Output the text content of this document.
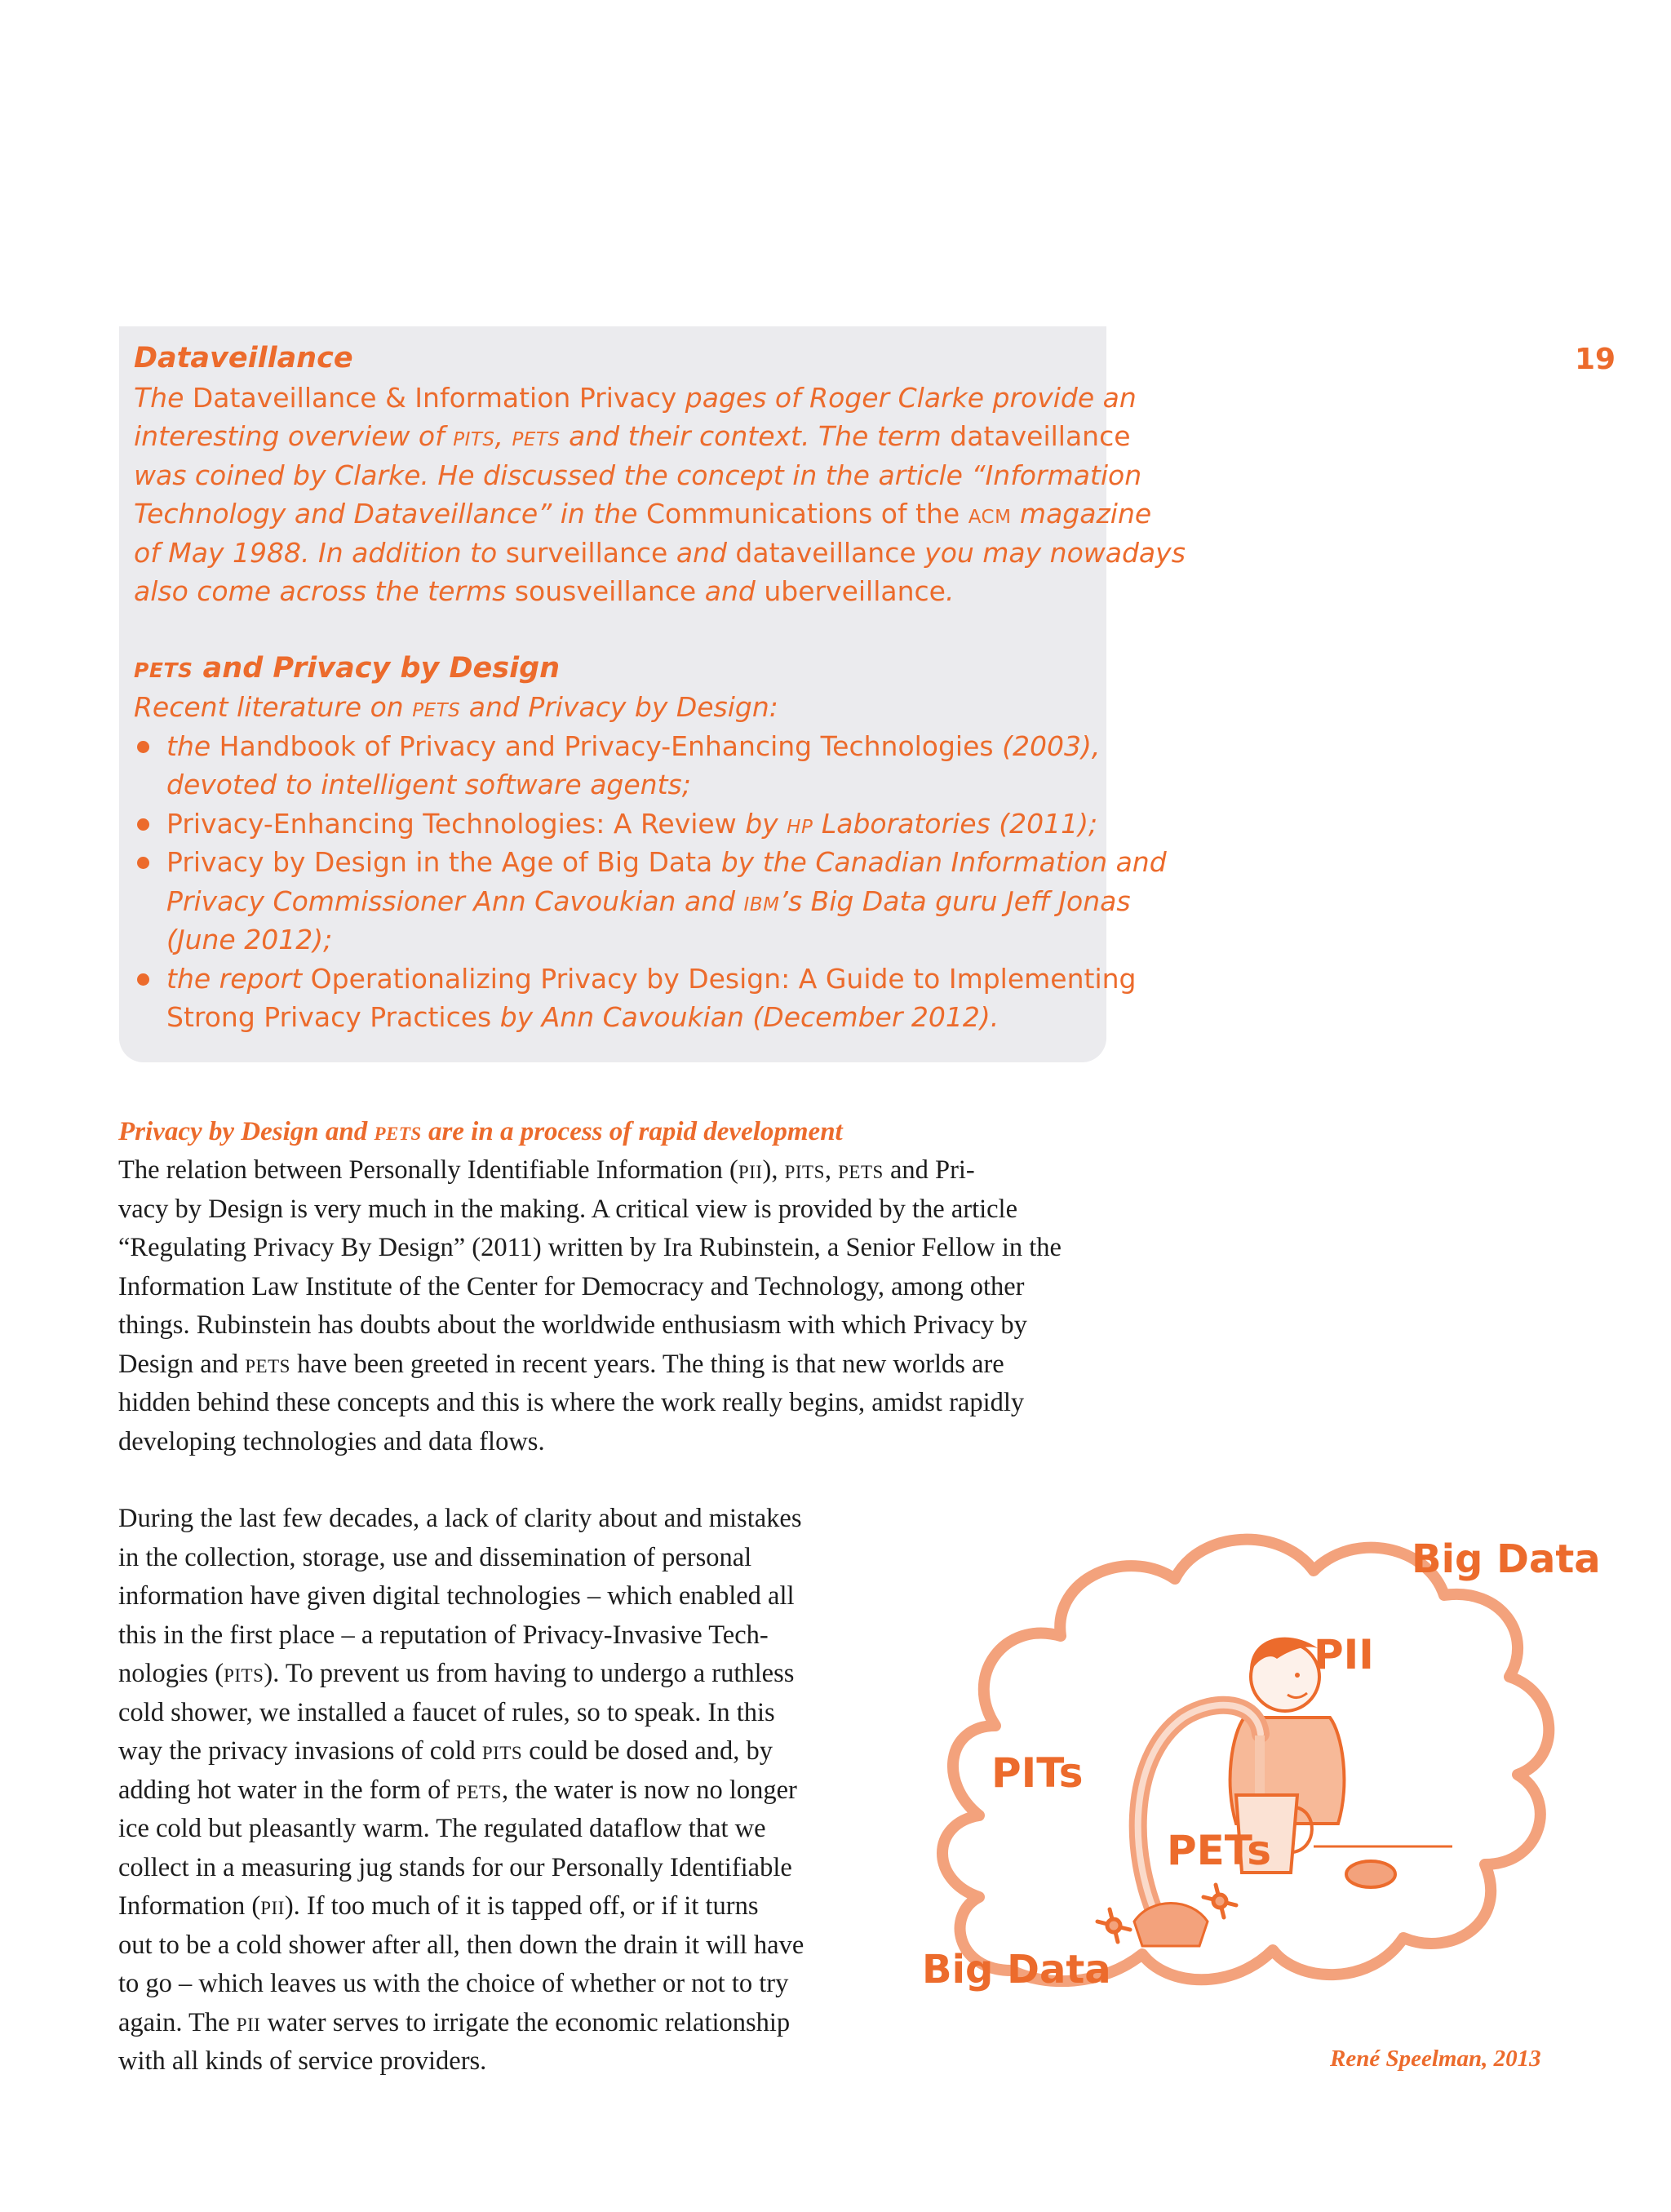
19
Dataveillance
The Dataveillance & Information Privacy pages of Roger Clarke provide an
interesting overview of pits, pets and their context. The term dataveillance
was coined by Clarke. He discussed the concept in the article “Information
Technology and Dataveillance” in the Communications of the acm magazine
of May 1988. In addition to surveillance and dataveillance you may nowadays
also come across the terms sousveillance and uberveillance.
pets and Privacy by Design
Recent literature on pets and Privacy by Design:
the Handbook of Privacy and Privacy-Enhancing Technologies (2003),
devoted to intelligent software agents;
Privacy-Enhancing Technologies: A Review by hp Laboratories (2011);
Privacy by Design in the Age of Big Data by the Canadian Information and
Privacy Commissioner Ann Cavoukian and ibm’s Big Data guru Jeff Jonas
(June 2012);
the report Operationalizing Privacy by Design: A Guide to Implementing
Strong Privacy Practices by Ann Cavoukian (December 2012).
Privacy by Design and pets are in a process of rapid development

The relation between Personally Identifiable Information (pii), pits, pets and Pri-
vacy by Design is very much in the making. A critical view is provided by the article
“Regulating Privacy By Design” (2011) written by Ira Rubinstein, a Senior Fellow in the
Information Law Institute of the Center for Democracy and Technology, among other
things. Rubinstein has doubts about the worldwide enthusiasm with which Privacy by
Design and pets have been greeted in recent years. The thing is that new worlds are
hidden behind these concepts and this is where the work really begins, amidst rapidly
developing technologies and data flows.

During the last few decades, a lack of clarity about and mistakes
in the collection, storage, use and dissemination of personal
information have given digital technologies – which enabled all
this in the first place – a reputation of Privacy-Invasive Tech-
nologies (pits). To prevent us from having to undergo a ruthless
cold shower, we installed a faucet of rules, so to speak. In this
way the privacy invasions of cold pits could be dosed and, by
adding hot water in the form of pets, the water is now no longer
ice cold but pleasantly warm. The regulated dataflow that we
collect in a measuring jug stands for our Personally Identifiable
Information (pii). If too much of it is tapped off, or if it turns
out to be a cold shower after all, then down the drain it will have
to go – which leaves us with the choice of whether or not to try
again. The pii water serves to irrigate the economic relationship
with all kinds of service providers.

Big Data
PII
PITs
PETs
Big Data
René Speelman, 2013
